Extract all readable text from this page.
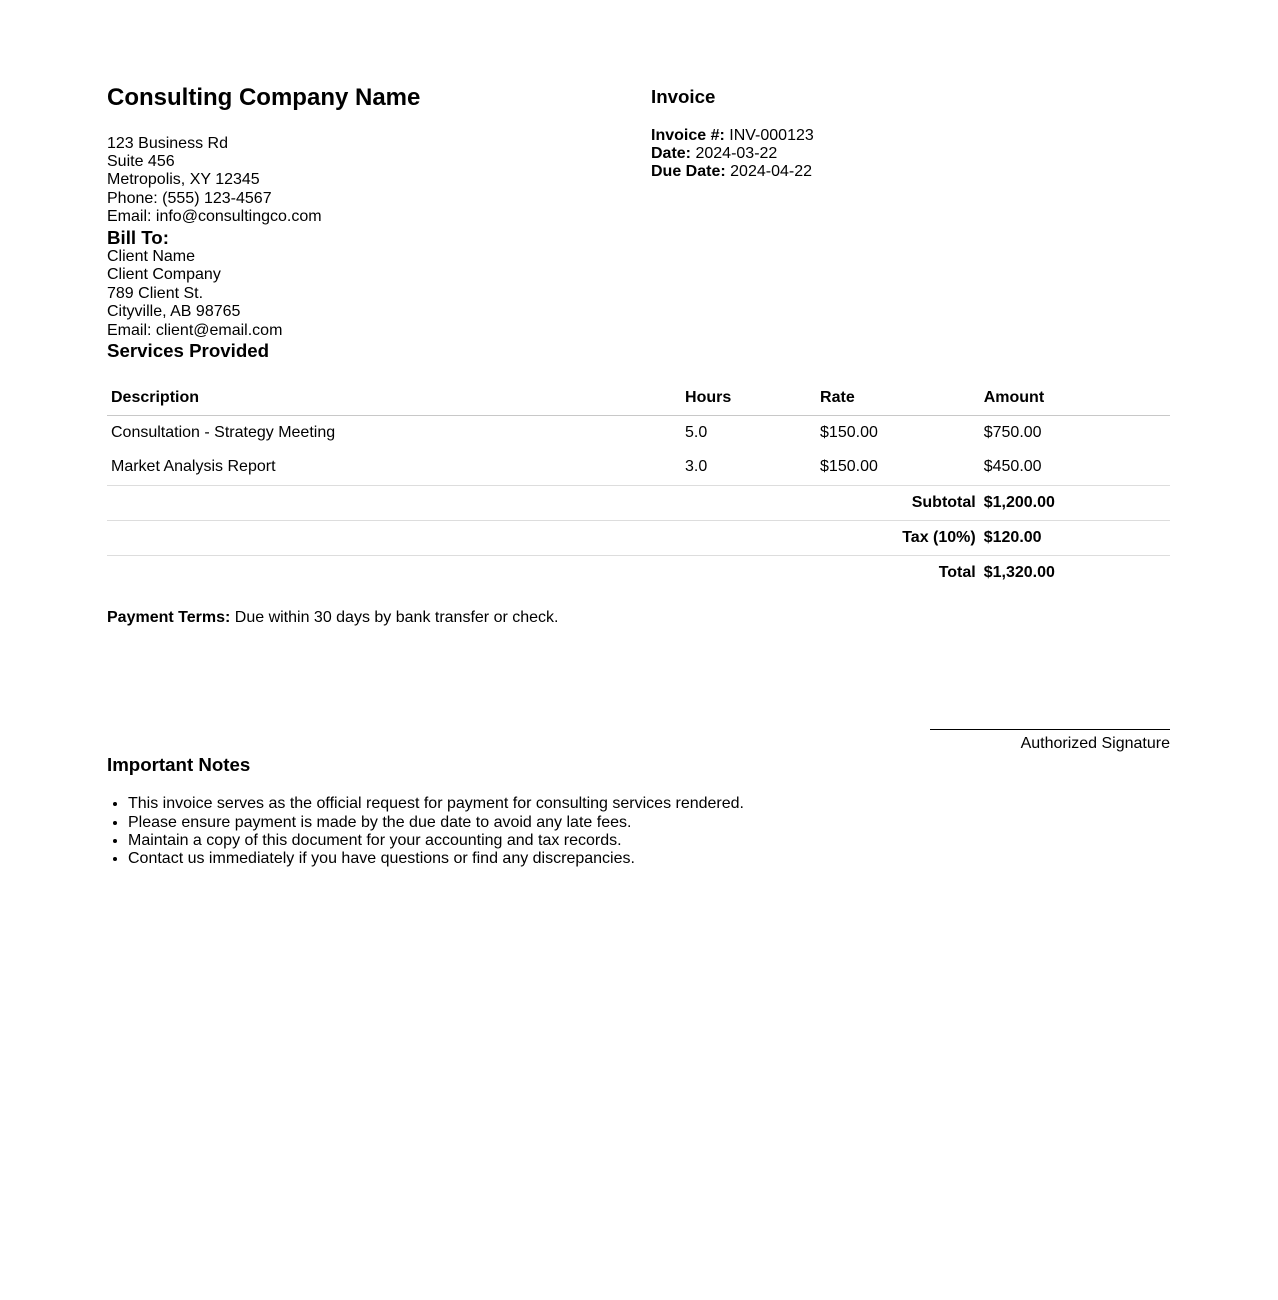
Consulting Company Name

123 Business Rd
Suite 456
Metropolis, XY 12345
Phone: (555) 123-4567
Email: info@consultingco.com

Invoice

Invoice #: INV-000123
Date: 2024-03-22
Due Date: 2024-04-22

Bill To:

Client Name
Client Company
789 Client St.
Cityville, AB 98765
Email: client@email.com

Services Provided
Description	Hours	Rate	Amount
Consultation - Strategy Meeting	5.0	$150.00	$750.00
Market Analysis Report	3.0	$150.00	$450.00
Subtotal			$1,200.00
Tax (10%)			$120.00
Total			$1,320.00

Payment Terms: Due within 30 days by bank transfer or check.

Authorized Signature
Important Notes
• This invoice serves as the official request for payment for consulting services rendered.
• Please ensure payment is made by the due date to avoid any late fees.
• Maintain a copy of this document for your accounting and tax records.
• Contact us immediately if you have questions or find any discrepancies.
